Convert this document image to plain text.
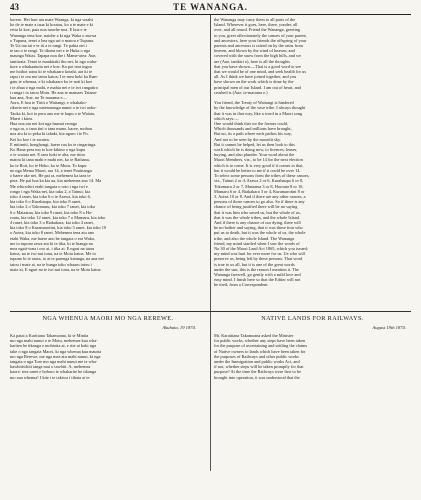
43	TE WANANGA.
korero. Hei hari atu mate Waanga, ki nga waahi
ko de te mate a taua ki koutou, ko a te mate e ki
reira ki koe, pata noa taawhe noa. E hoa e te
Wananga tena koe, naiohe a ki nga Waka o ma-ua
o Tupuna, tenei o hea nga uri o matou e Tupuna.
Te Ua tau tai e te tii a te rangi. Te pahia nei i
te tau o te rangi. Te tikona nei e te Huka o nga
maunga Waiai. Tapapa noa ihe i Mame-atea: Aue,
tanitirata. Tenei te maukitaki iho nei, ki nga waha-
kore a whakaatutia nei e koe. Ka poi tera ingoa
me hoihoi tatou ki te whakaaro kotahi, ara ki te
rapu i te ora me tatou katoa; I te mea hoki ka Ihan-
gatu te whenua, e ki whakaaro ko te noti ki koe
i te ahua o nga mahi, e mahia nei e te iwi rangatira
i runga i to tatou Motu. He ana te mamaes Tatana-
kau ana, Aue, no Te marama e—
Aora, E hoa te Tiriti o Waitangi, e whakako-
rikoria nei e nga natenarunga nunui o te iwi aoko-
Taoka ki, koi to pera ano me te kupu o te Waiata,
Maeri i kitea.
Hua noa atu nei koi nga haanui reongo
o nga ra, o tana tini o tana muno, kaore, mohou
noa atu ki to peka ki tahaki, kia ngaro i te Po.
Kei ko koe i te awatea.
E mitimiti, honghongi, haere rua ko te ringaringa.
Ko Hana pera mo to koe kikino o nga kupu
o te waiata nei. E taea hoki te aha, me titiro
matou ki tana mahi e mahi nei, ko te Raihana,
ko te Roti, ko te Hoko, ko te Muru. To kupu
no nga Mema Maori, ara 14, a tenei Poutitanga
o haere ake nei. He pai ra, mehemea ka taea te
pera. He pai hoa ka kia au, kia mehemea ano 14. Ma
Me whirwhiri etahi tangata o roto i nga iwi e
rongo i nga Waka nei, kia tuku 2, a Tainui, kia
toko 4 ranei, kia toko 6 o te Arawa, kia toko 6,
kia toko 6 o Kurahaupo, kia toko 8 ranei,
kia toko 2 o Tokomaru, kia toko 7 ranei, kia toko
6 o Mataatua, kia toko 9 ranei, kia toko 8 o Ho-
routa, kia toko 12 ranei, kia toko 7 o Mamaru, kia toko
4 ranei, kia toko 3 o Riakakara, kia toko 4 ranei,
kia toko 8 o Kuramarotini, kia toko 3 ranei, kia toko 10
o Aotea, kia toko 8 ranei. Mehemea tena atu ano
etahi Waka, me haere ano he tangata o era Waka,
me to tupono rawa atu ki te tika, ki te hianga na
mea ngati-tona i oro ai, i tika ai. E ngari na tatou
katoa, na te iwi nui tonu, na te Motu katoa. Me to
tupono ki te rauta, to at te parenga katanga, na ana nei
tatou i mate ai, na te hunga toko whaaru tatou i
mate ai, E ngari na te iwi nui tonu, na te Motu katoa.
the Wananga may carry them to all parts of the
Island. Wherever it goes, here, there, yonder, all
over, and all round. Friend the Wananga, greeting
to you, greet affectionately the canoes of your parent,
and ancestors, here your friends the offspring of your
parents and ancestors is raised on by the rains from
heaven, and blown by the wind of heaven, and
covered with the snow from the high hills, and we
are (Aue, tanikiri o), here is all the thoughts
that you have shown.—That is a good word to see
that we would be of one mind, and seek health for us
all. As I think we have joined together, and you
have shown on the work which is done by the
principal men of our Island. I am out of heart, and
crushed is (Aue, te-marama e.)

You friend, the Treaty of Waitangi is hindered
by the knowledge of the wise tribe. I always thought
that it was in that way, like a word in a Maori song
which says:—
One would think that we the former could,
Which thousands and millions have brought,
But no, its a path where each pathos his way,
And not to be seen by the moonlit sky.
But it cannot be helped, let us then look to this
work which he is doing now, to licences, leases,
buying, and also plunder. Your word about the
Maori Members, viz., to be 14 for the next election
which is to come. It is very good if it comes to that,
but it would be better to me if it could be over 14.
To select some persons from the tribes of these canoes,
viz., Tainui 2 or 4, Arawa 2 or 6, Kurahaupo 6 or 8,
Tokomaru 2 or 7, Mataatua 3 or 8, Horouta 8 or 10,
Mamaru 6 or 4, Riakakara 3 or 4, Kuramarotini 8 or
3, Aotea 10 or 8. And if there are any other canoes, a
persons of those canoes to go also. So if there is any
chance of being justified there will be no saying
that it was him who saved us, but the whole of us,
that it was the whole tribes, and the whole Island.
And if there is any chance of our dying, there will
be no bother and saying, that it was those four who
put us to death, but it was the whole of us, the whole
tribe, and also the whole Island. The Wananga
friend, my mind startled when I saw the words of
No 30 of the Maori Land Act 1865, which you issued;
my mind was hurt for ever more for us. Ue who will
preserve us, being left by these persons. That word
is true to us all, but it is one of the great words
under the sun, this is the reason I mention it. The
Wananga farewell, go gently with a mild love and
easy mind. I finish here so that the Editor will not
be tired, from a Correspondent.
NGA WHENUA MAORI MO NGA REREWE.	NATIVE LANDS FOR RAILWAYS.
Akuhata, 19 1874.	August 19th 1874.
Ka patai a Karitiana Takamoana, ki te Minita
mo nga mahi nunui o te Motu, mehemea kua wha-
karitea he tikanga e mohiotia ai, e rite ai hoki nga
take o nga tangata Maori, ki nga whenua kua mauria
mo nga Rerewe, me nga mea atu mahi nunui, ki nga
tangata o nga Tore mo nga mahi nunui me te wha-
kawhitiwhiti tanga mai o tawhiti. A, mehemea
kaore: tera ranei e hohoro te whakarite he tikanga
mo aua whenua! I kite i te takiwa i tihaia ai te
Mr. Karaitiana Takamoana asked the Minister
for public works, whether any steps have been taken
for the purpose of ascertaining and settling the claims
of Native owners to lands which have been taken for
the purposes of Railways and other public works
under the Immigration and public works Act, and
if not, whether steps will be taken promptly for that
purpose? At the time the Railways were first to be
brought into operation, it was understood that the
